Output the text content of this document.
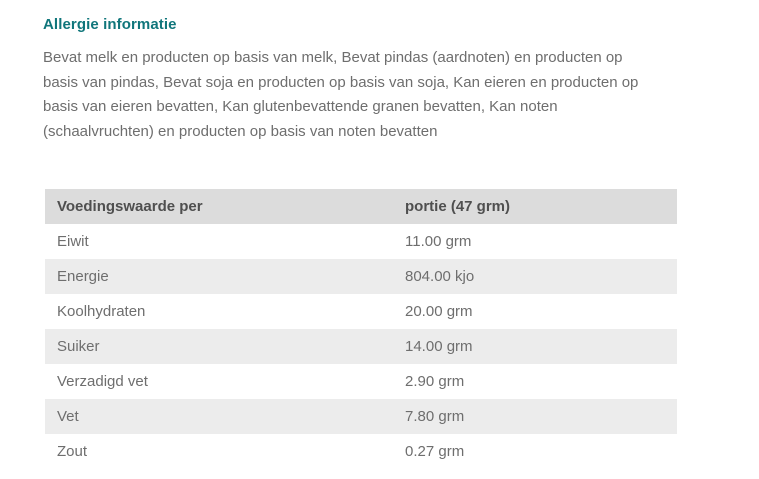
Allergie informatie

Bevat melk en producten op basis van melk, Bevat pindas (aardnoten) en producten op basis van pindas, Bevat soja en producten op basis van soja, Kan eieren en producten op basis van eieren bevatten, Kan glutenbevattende granen bevatten, Kan noten (schaalvruchten) en producten op basis van noten bevatten

Voedingswaarde per	portie (47 grm)
Eiwit	11.00 grm
Energie	804.00 kjo
Koolhydraten	20.00 grm
Suiker	14.00 grm
Verzadigd vet	2.90 grm
Vet	7.80 grm
Zout	0.27 grm
